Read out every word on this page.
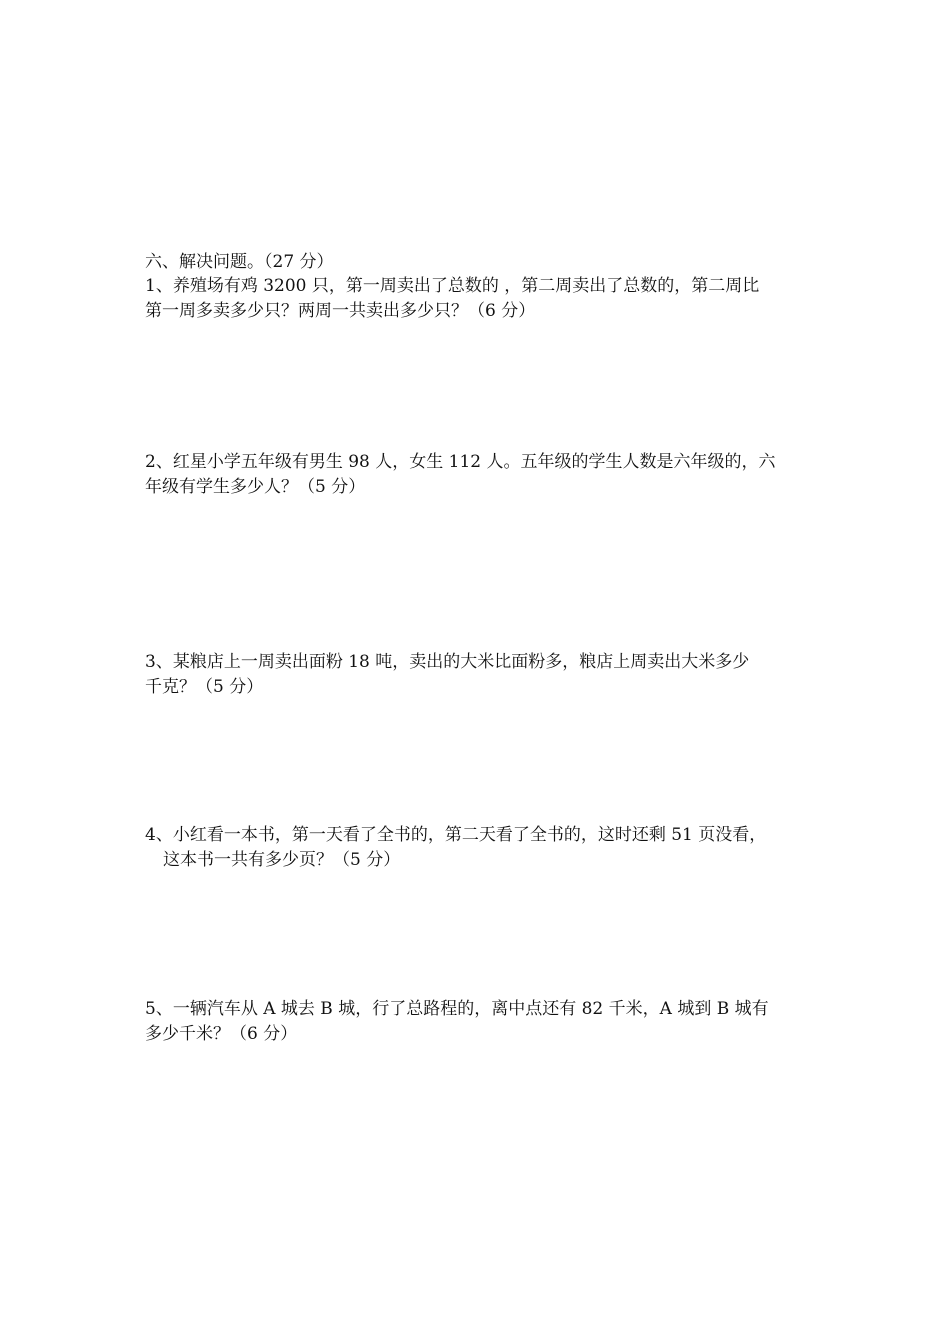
六、解决问题。（27 分）
1、养殖场有鸡 3200 只，第一周卖出了总数的 ，第二周卖出了总数的，第二周比
第一周多卖多少只？两周一共卖出多少只？（6 分）
2、红星小学五年级有男生 98 人，女生 112 人。五年级的学生人数是六年级的，六
年级有学生多少人？（5 分）
3、某粮店上一周卖出面粉 18 吨，卖出的大米比面粉多，粮店上周卖出大米多少
千克？（5 分）
4、小红看一本书，第一天看了全书的，第二天看了全书的，这时还剩 51 页没看，
这本书一共有多少页？（5 分）
5、一辆汽车从 A 城去 B 城，行了总路程的，离中点还有 82 千米，A 城到 B 城有
多少千米？（6 分）
